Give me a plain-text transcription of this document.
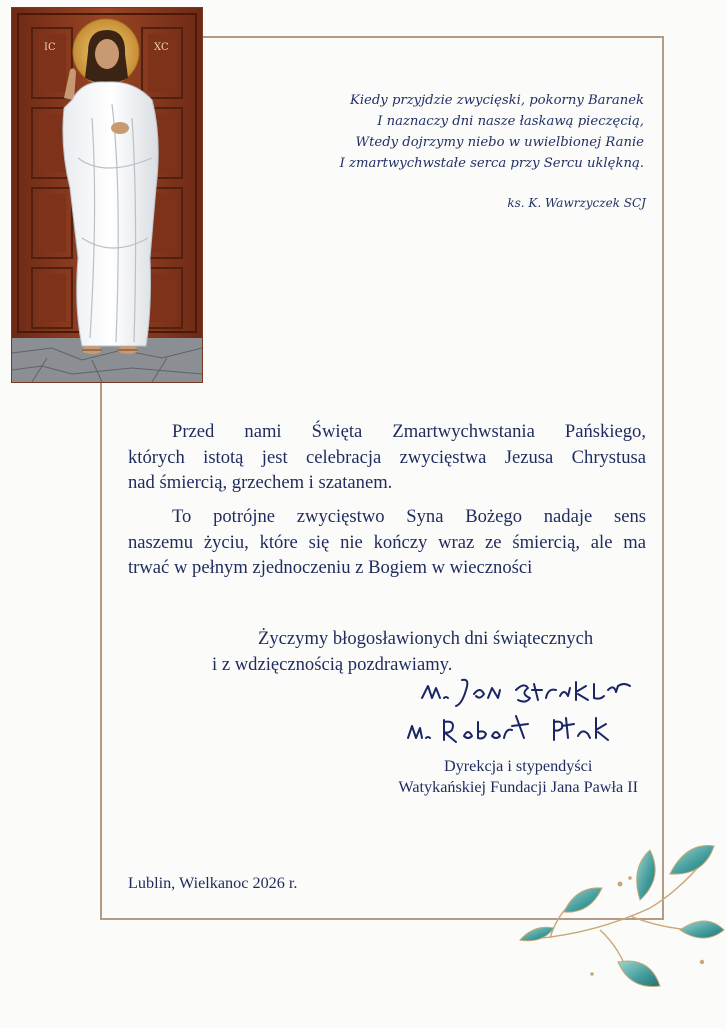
IC	XC
Kiedy przyjdzie zwycięski, pokorny Baranek
I naznaczy dni nasze łaskawą pieczęcią,
Wtedy dojrzymy niebo w uwielbionej Ranie
I zmartwychwstałe serca przy Sercu uklękną.
ks. K. Wawrzyczek SCJ
Przed nami Święta Zmartwychwstania Pańskiego,
których istotą jest celebracja zwycięstwa Jezusa Chrystusa
nad śmiercią, grzechem i szatanem.
To potrójne zwycięstwo Syna Bożego nadaje sens
naszemu życiu, które się nie kończy wraz ze śmiercią, ale ma
trwać w pełnym zjednoczeniu z Bogiem w wieczności
Życzymy błogosławionych dni świątecznych
i z wdzięcznością pozdrawiamy.
Dyrekcja i stypendyści
Watykańskiej Fundacji Jana Pawła II
Lublin, Wielkanoc 2026 r.
